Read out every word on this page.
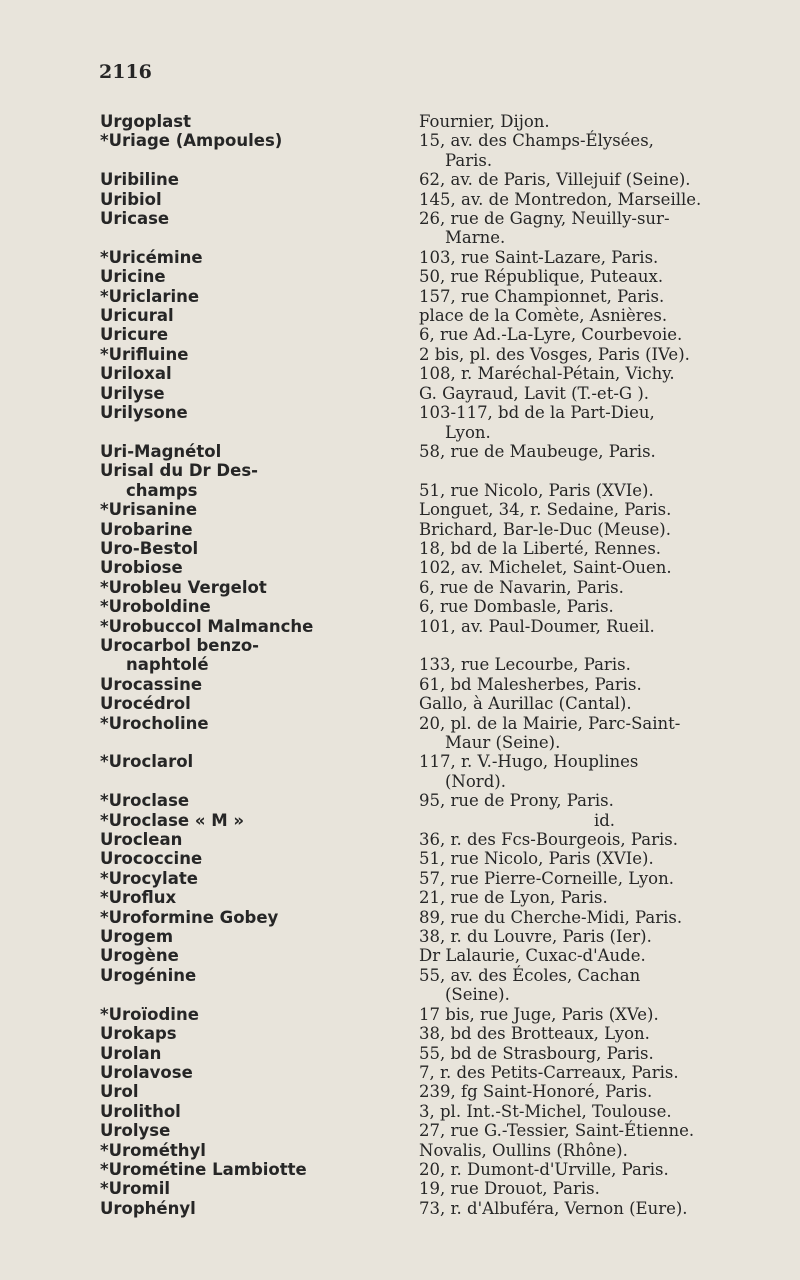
2116
Urgoplast	Fournier, Dijon.
*Uriage (Ampoules)	15, av. des Champs-Élysées,
Paris.
Uribiline	62, av. de Paris, Villejuif (Seine).
Uribiol	145, av. de Montredon, Marseille.
Uricase	26, rue de Gagny, Neuilly-sur-
Marne.
*Uricémine	103, rue Saint-Lazare, Paris.
Uricine	50, rue République, Puteaux.
*Uriclarine	157, rue Championnet, Paris.
Uricural	place de la Comète, Asnières.
Uricure	6, rue Ad.-La-Lyre, Courbevoie.
*Urifluine	2 bis, pl. des Vosges, Paris (IVe).
Uriloxal	108, r. Maréchal-Pétain, Vichy.
Urilyse	G. Gayraud, Lavit (T.-et-G ).
Urilysone	103-117, bd de la Part-Dieu,
Lyon.
Uri-Magnétol	58, rue de Maubeuge, Paris.
Urisal du Dr Des-
champs
	51, rue Nicolo, Paris (XVIe).
*Urisanine	Longuet, 34, r. Sedaine, Paris.
Urobarine	Brichard, Bar-le-Duc (Meuse).
Uro-Bestol	18, bd de la Liberté, Rennes.
Urobiose	102, av. Michelet, Saint-Ouen.
*Urobleu Vergelot	6, rue de Navarin, Paris.
*Uroboldine	6, rue Dombasle, Paris.
*Urobuccol Malmanche	101, av. Paul-Doumer, Rueil.
Urocarbol benzo-
naphtolé
	133, rue Lecourbe, Paris.
Urocassine	61, bd Malesherbes, Paris.
Urocédrol	Gallo, à Aurillac (Cantal).
*Urocholine	20, pl. de la Mairie, Parc-Saint-
Maur (Seine).
*Uroclarol	117, r. V.-Hugo, Houplines
(Nord).
*Uroclase	95, rue de Prony, Paris.
*Uroclase « M »	id.
Uroclean	36, r. des Fcs-Bourgeois, Paris.
Urococcine	51, rue Nicolo, Paris (XVIe).
*Urocylate	57, rue Pierre-Corneille, Lyon.
*Uroflux	21, rue de Lyon, Paris.
*Uroformine Gobey	89, rue du Cherche-Midi, Paris.
Urogem	38, r. du Louvre, Paris (Ier).
Urogène	Dr Lalaurie, Cuxac-d'Aude.
Urogénine	55, av. des Écoles, Cachan
(Seine).
*Uroïodine	17 bis, rue Juge, Paris (XVe).
Urokaps	38, bd des Brotteaux, Lyon.
Urolan	55, bd de Strasbourg, Paris.
Urolavose	7, r. des Petits-Carreaux, Paris.
Urol	239, fg Saint-Honoré, Paris.
Urolithol	3, pl. Int.-St-Michel, Toulouse.
Urolyse	27, rue G.-Tessier, Saint-Étienne.
*Urométhyl	Novalis, Oullins (Rhône).
*Urométine Lambiotte	20, r. Dumont-d'Urville, Paris.
*Uromil	19, rue Drouot, Paris.
Urophényl	73, r. d'Albuféra, Vernon (Eure).
